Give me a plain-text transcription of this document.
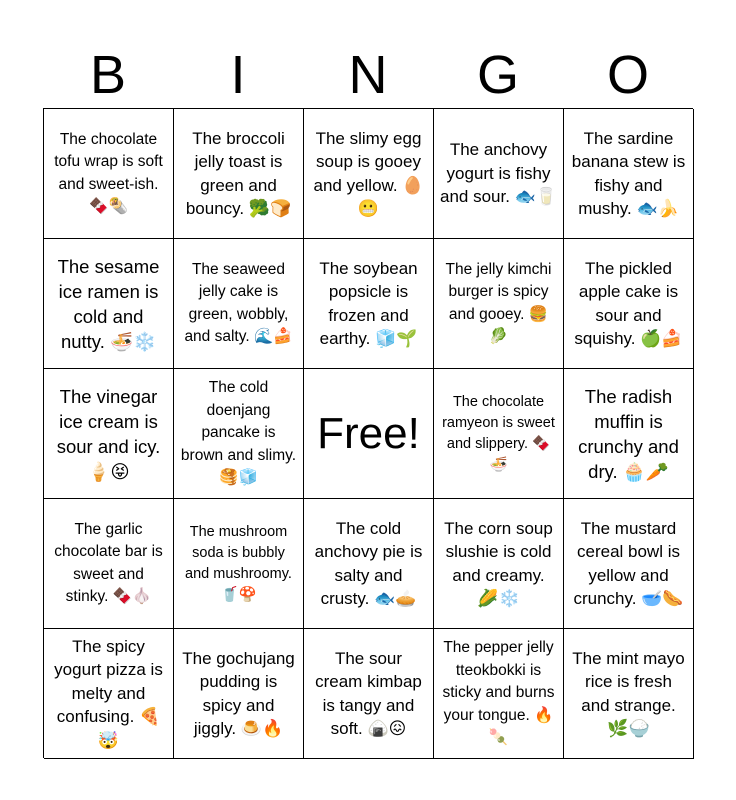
B	I	N	G	O
The chocolate tofu wrap is soft and sweet-ish. 🍫🌯
The broccoli jelly toast is green and bouncy. 🥦🍞
The slimy egg soup is gooey and yellow. 🥚😬
The anchovy yogurt is fishy and sour. 🐟🥛
The sardine banana stew is fishy and mushy. 🐟🍌
The sesame ice ramen is cold and nutty. 🍜❄️
The seaweed jelly cake is green, wobbly, and salty. 🌊🍰
The soybean popsicle is frozen and earthy. 🧊🌱
The jelly kimchi burger is spicy and gooey. 🍔🥬
The pickled apple cake is sour and squishy. 🍏🍰
The vinegar ice cream is sour and icy. 🍦😝
The cold doenjang pancake is brown and slimy. 🥞🧊
Free!
The chocolate ramyeon is sweet and slippery. 🍫🍜
The radish muffin is crunchy and dry. 🧁🥕
The garlic chocolate bar is sweet and stinky. 🍫🧄
The mushroom soda is bubbly and mushroomy. 🥤🍄
The cold anchovy pie is salty and crusty. 🐟🥧
The corn soup slushie is cold and creamy. 🌽❄️
The mustard cereal bowl is yellow and crunchy. 🥣🌭
The spicy yogurt pizza is melty and confusing. 🍕🤯
The gochujang pudding is spicy and jiggly. 🍮🔥
The sour cream kimbap is tangy and soft. 🍙😖
The pepper jelly tteokbokki is sticky and burns your tongue. 🔥🍡
The mint mayo rice is fresh and strange. 🌿🍚
